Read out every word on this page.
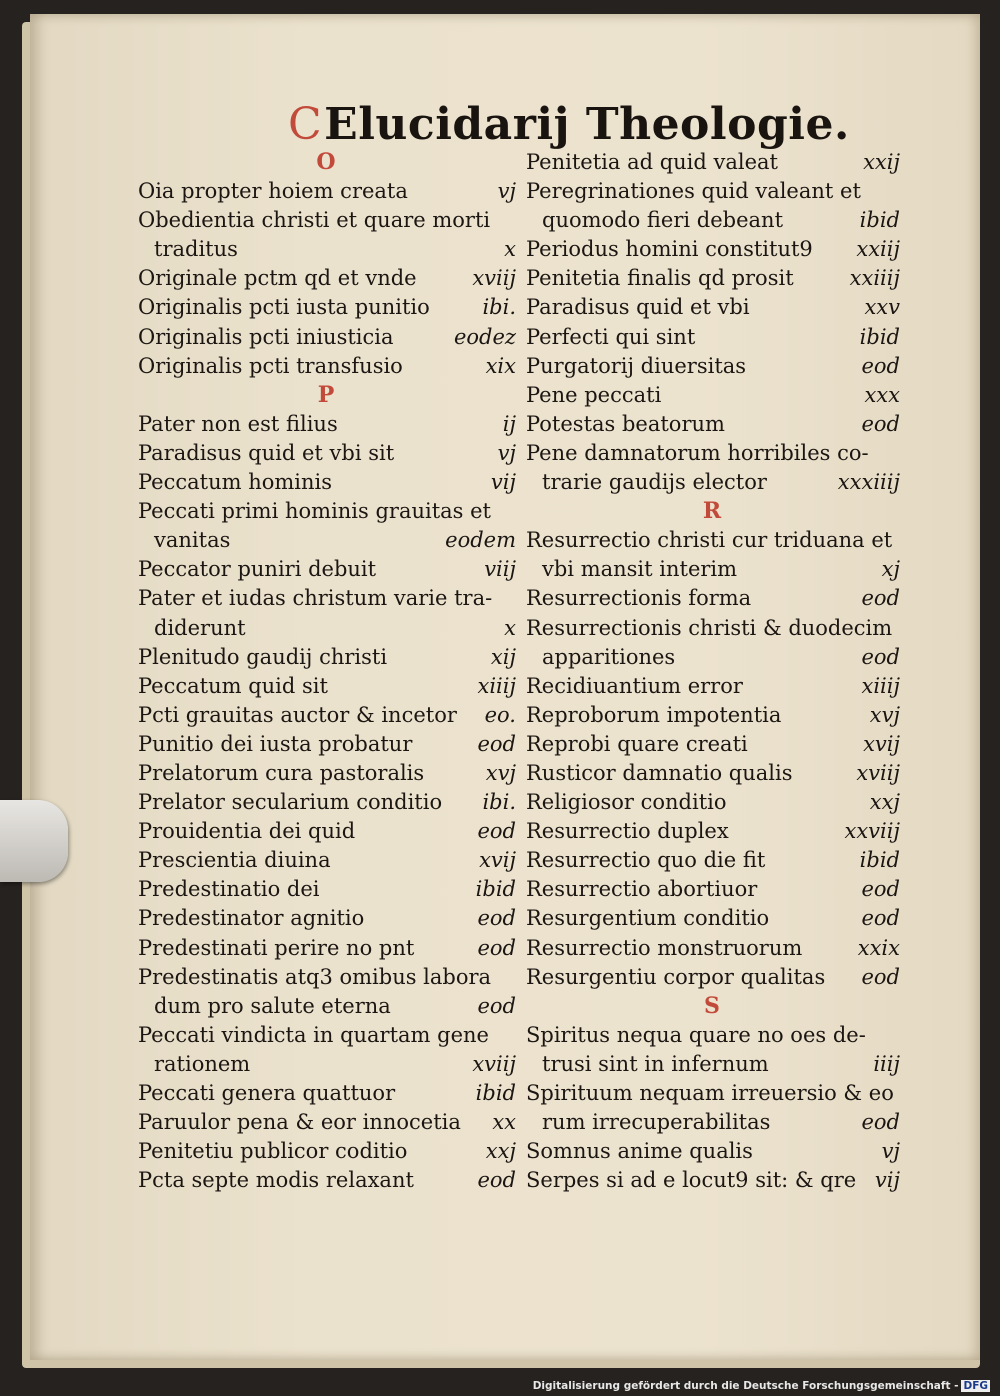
CElucidarij Theologie.
O
Oia propter hoiem creata	vj
Obedientia christi et quare morti
traditus	x
Originale pctm qd et vnde	xviij
Originalis pcti iusta punitio	ibi.
Originalis pcti iniusticia	eodez
Originalis pcti transfusio	xix
P
Pater non est filius	ij
Paradisus quid et vbi sit	vj
Peccatum hominis	vij
Peccati primi hominis grauitas et
vanitas	eodem
Peccator puniri debuit	viij
Pater et iudas christum varie tra-
diderunt	x
Plenitudo gaudij christi	xij
Peccatum quid sit	xiiij
Pcti grauitas auctor & incetor	eo.
Punitio dei iusta probatur	eod
Prelatorum cura pastoralis	xvj
Prelator secularium conditio	ibi.
Prouidentia dei quid	eod
Prescientia diuina	xvij
Predestinatio dei	ibid
Predestinator agnitio	eod
Predestinati perire no pnt	eod
Predestinatis atq3 omibus labora
dum pro salute eterna	eod
Peccati vindicta in quartam gene
rationem	xviij
Peccati genera quattuor	ibid
Paruulor pena & eor innocetia	xx
Penitetiu publicor coditio	xxj
Pcta septe modis relaxant	eod
Penitetia ad quid valeat	xxij
Peregrinationes quid valeant et
quomodo fieri debeant	ibid
Periodus homini constitut9	xxiij
Penitetia finalis qd prosit	xxiiij
Paradisus quid et vbi	xxv
Perfecti qui sint	ibid
Purgatorij diuersitas	eod
Pene peccati	xxx
Potestas beatorum	eod
Pene damnatorum horribiles co-
trarie gaudijs elector	xxxiiij
R
Resurrectio christi cur triduana et
vbi mansit interim	xj
Resurrectionis forma	eod
Resurrectionis christi & duodecim
apparitiones	eod
Recidiuantium error	xiiij
Reproborum impotentia	xvj
Reprobi quare creati	xvij
Rusticor damnatio qualis	xviij
Religiosor conditio	xxj
Resurrectio duplex	xxviij
Resurrectio quo die fit	ibid
Resurrectio abortiuor	eod
Resurgentium conditio	eod
Resurrectio monstruorum	xxix
Resurgentiu corpor qualitas	eod
S
Spiritus nequa quare no oes de-
trusi sint in infernum	iiij
Spirituum nequam irreuersio & eo
rum irrecuperabilitas	eod
Somnus anime qualis	vj
Serpes si ad e locut9 sit: & qre vij
Digitalisierung gefördert durch die Deutsche Forschungsgemeinschaft - DFG
